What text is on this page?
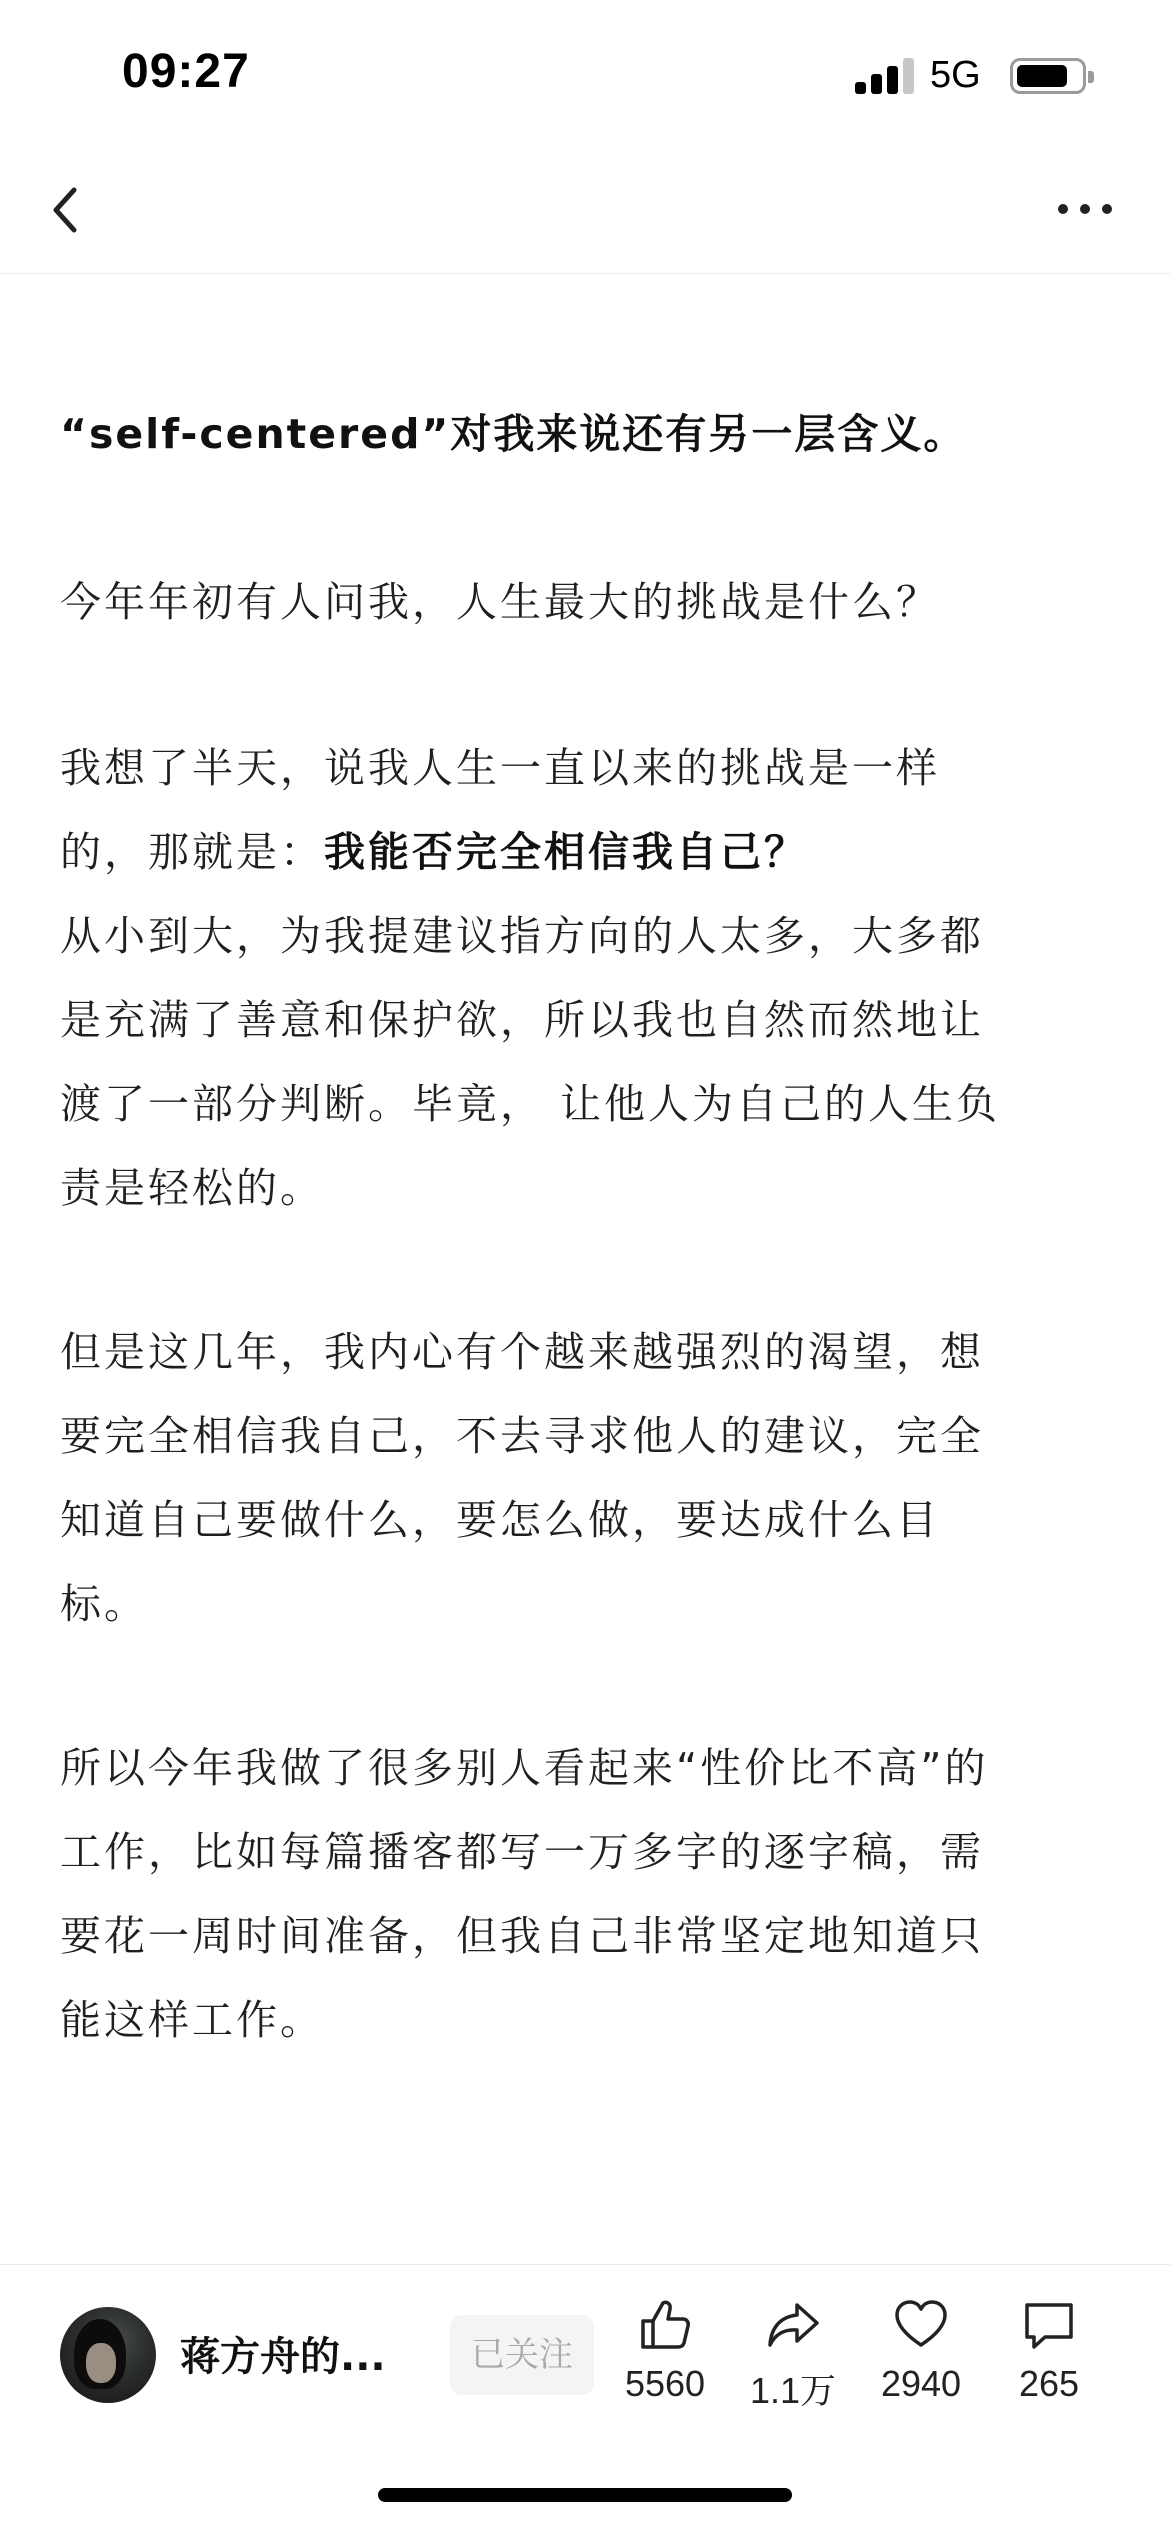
09:27	5G
“self-centered”对我来说还有另一层含义。
今年年初有人问我，人生最大的挑战是什么？
我想了半天，说我人生一直以来的挑战是一样
的，那就是：我能否完全相信我自己？
从小到大，为我提建议指方向的人太多，大多都
是充满了善意和保护欲，所以我也自然而然地让
渡了一部分判断。毕竟， 让他人为自己的人生负
责是轻松的。
但是这几年，我内心有个越来越强烈的渴望，想
要完全相信我自己，不去寻求他人的建议，完全
知道自己要做什么，要怎么做，要达成什么目
标。
所以今年我做了很多别人看起来“性价比不高”的
工作，比如每篇播客都写一万多字的逐字稿，需
要花一周时间准备，但我自己非常坚定地知道只
能这样工作。
蒋方舟的...	已关注
5560	1.1万	2940	265
